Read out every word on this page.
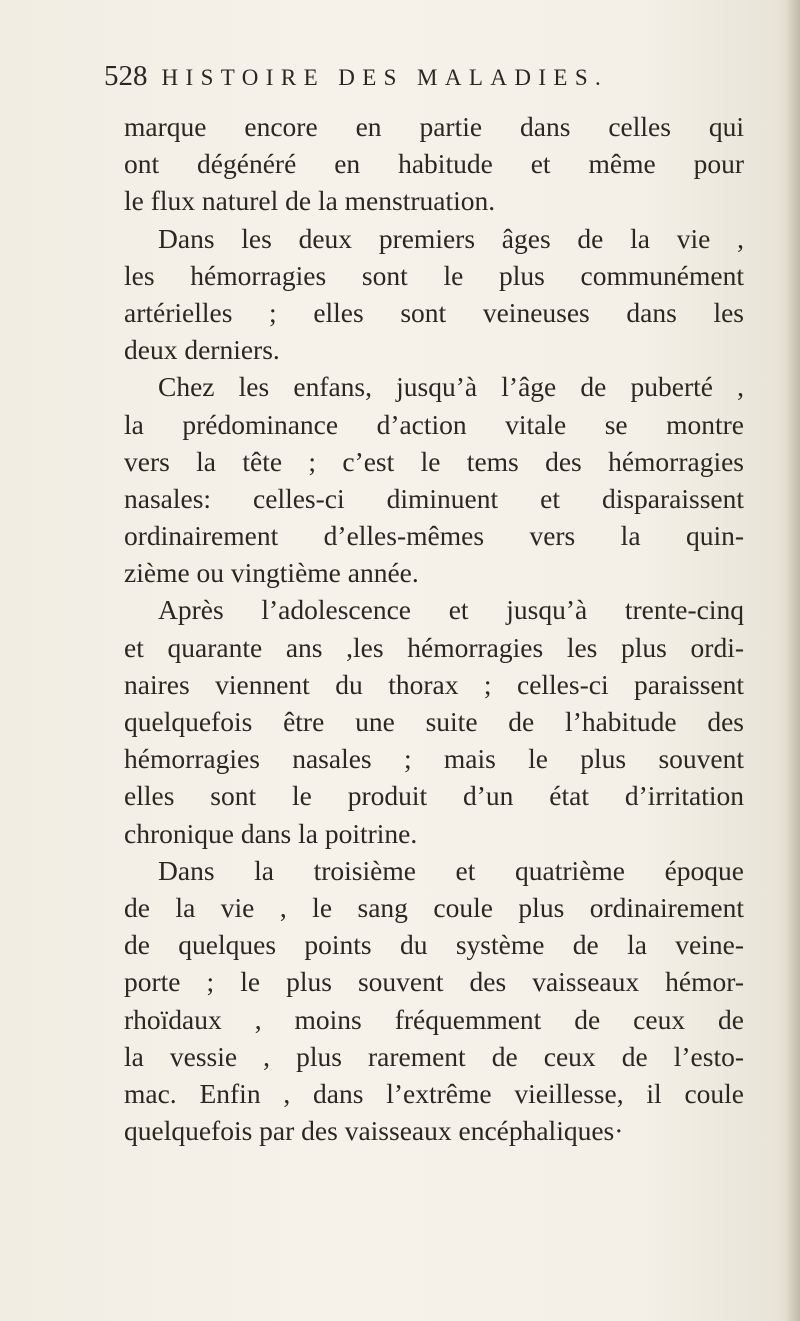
528 HISTOIRE DES MALADIES.
marque encore en partie dans celles qui
ont dégénéré en habitude et même pour
le flux naturel de la menstruation.
Dans les deux premiers âges de la vie ,
les hémorragies sont le plus communément
artérielles ; elles sont veineuses dans les
deux derniers.
Chez les enfans, jusqu’à l’âge de puberté ,
la prédominance d’action vitale se montre
vers la tête ; c’est le tems des hémorragies
nasales: celles-ci diminuent et disparaissent
ordinairement d’elles-mêmes vers la quin-
zième ou vingtième année.
Après l’adolescence et jusqu’à trente-cinq
et quarante ans ,les hémorragies les plus ordi-
naires viennent du thorax ; celles-ci paraissent
quelquefois être une suite de l’habitude des
hémorragies nasales ; mais le plus souvent
elles sont le produit d’un état d’irritation
chronique dans la poitrine.
Dans la troisième et quatrième époque
de la vie , le sang coule plus ordinairement
de quelques points du système de la veine-
porte ; le plus souvent des vaisseaux hémor-
rhoïdaux , moins fréquemment de ceux de
la vessie , plus rarement de ceux de l’esto-
mac. Enfin , dans l’extrême vieillesse, il coule
quelquefois par des vaisseaux encéphaliques·
